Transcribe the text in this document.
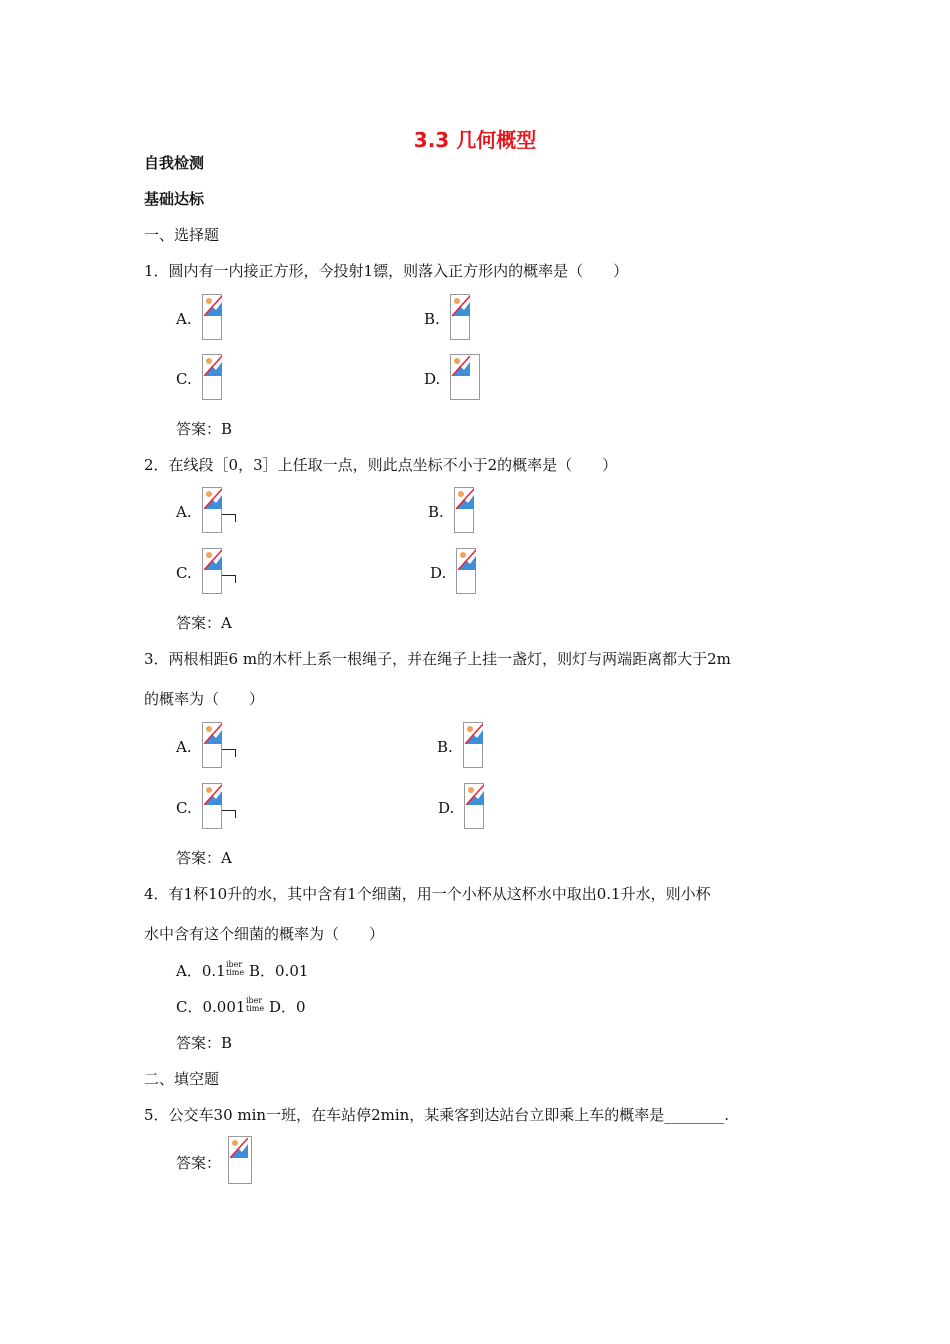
3.3 几何概型
自我检测
基础达标
一、选择题
1．圆内有一内接正方形，今投射1镖，则落入正方形内的概率是（　　）
A.	B.
C.	D.
答案：B
2．在线段［0，3］上任取一点，则此点坐标不小于2的概率是（　　）
A.	B.
C.	D.
答案：A
3．两根相距6 m的木杆上系一根绳子，并在绳子上挂一盏灯，则灯与两端距离都大于2m
的概率为（　　）
A.	B.
C.	D.
答案：A
4．有1杯10升的水，其中含有1个细菌，用一个小杯从这杯水中取出0.1升水，则小杯
水中含有这个细菌的概率为（　　）
A．0.1 iber
time B．0.01
C．0.001 iber
time D．0
答案：B
二、填空题
5．公交车30 min一班，在车站停2min，某乘客到达站台立即乘上车的概率是________.
答案：
